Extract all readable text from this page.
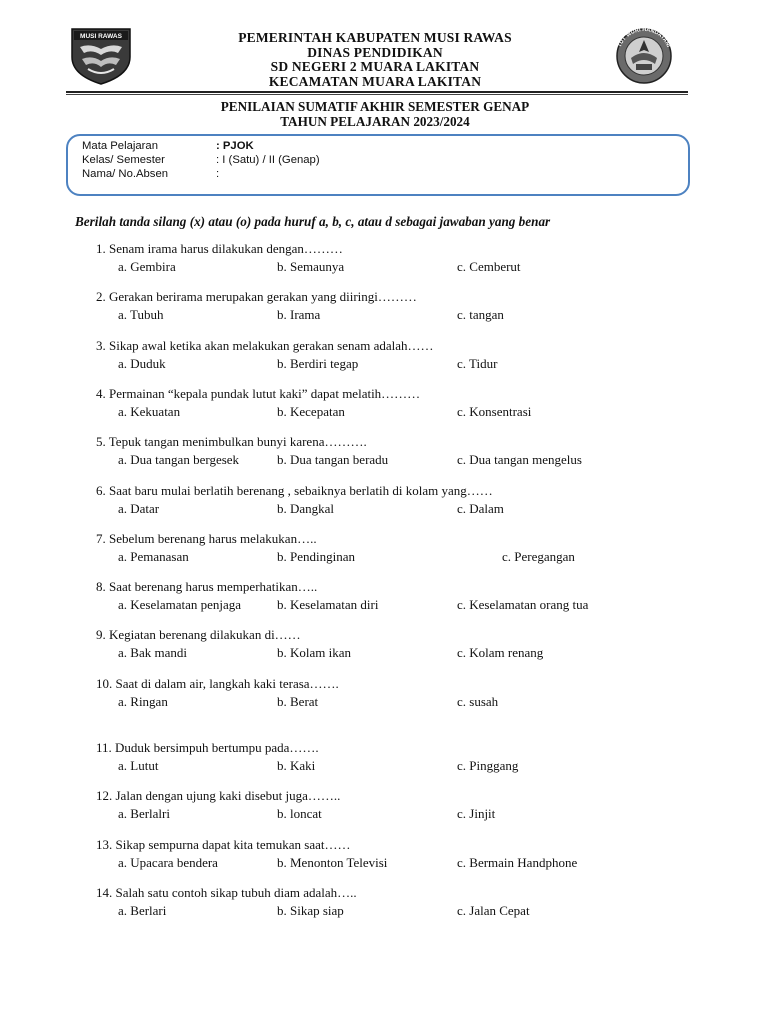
MUSI RAWAS
TUT WURI HANDAYANI
PEMERINTAH KABUPATEN MUSI RAWAS
DINAS PENDIDIKAN
SD NEGERI 2 MUARA LAKITAN
KECAMATAN MUARA LAKITAN
PENILAIAN SUMATIF AKHIR SEMESTER GENAP
TAHUN PELAJARAN 2023/2024
Mata Pelajaran	: PJOK
Kelas/ Semester	: I (Satu) / II (Genap)
Nama/ No.Absen	:
Berilah tanda silang (x) atau (o) pada huruf a, b, c, atau d sebagai jawaban yang benar
1. Senam irama harus dilakukan dengan………
a. Gembira	b. Semaunya	c. Cemberut
2. Gerakan berirama merupakan gerakan yang diiringi………
a. Tubuh	b. Irama	c. tangan
3. Sikap awal ketika akan melakukan gerakan senam adalah……
a. Duduk	b. Berdiri tegap	c. Tidur
4. Permainan “kepala pundak lutut kaki” dapat melatih………
a. Kekuatan	b. Kecepatan	c. Konsentrasi
5. Tepuk tangan menimbulkan bunyi karena……….
a. Dua tangan bergesek	b. Dua tangan beradu	c. Dua tangan mengelus
6. Saat baru mulai berlatih berenang , sebaiknya berlatih di kolam yang……
a. Datar	b. Dangkal	c. Dalam
7. Sebelum berenang harus melakukan…..
a. Pemanasan	b. Pendinginan	c. Peregangan
8. Saat berenang harus memperhatikan…..
a. Keselamatan penjaga	b. Keselamatan diri	c. Keselamatan orang tua
9. Kegiatan berenang dilakukan di……
a. Bak mandi	b. Kolam ikan	c. Kolam renang
10. Saat di dalam air, langkah kaki terasa…….
a. Ringan	b. Berat	c. susah
11. Duduk bersimpuh bertumpu pada…….
a. Lutut	b. Kaki	c. Pinggang
12. Jalan dengan ujung kaki disebut juga……..
a. Berlalri	b. loncat	c. Jinjit
13. Sikap sempurna dapat kita temukan saat……
a. Upacara bendera	b. Menonton Televisi	c. Bermain Handphone
14. Salah satu contoh sikap tubuh diam adalah…..
a. Berlari	b. Sikap siap	c. Jalan Cepat
